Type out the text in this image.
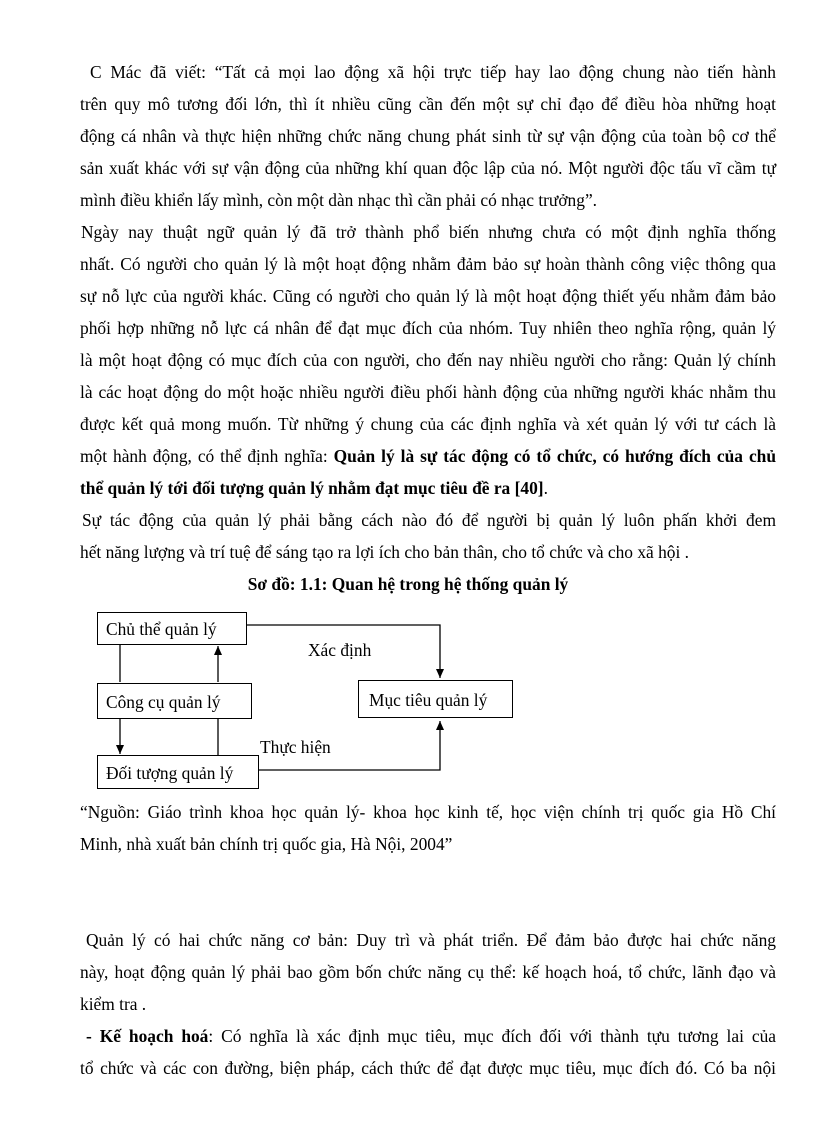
C Mác đã viết: “Tất cả mọi lao động xã hội trực tiếp hay lao động chung nào tiến hành
trên quy mô tương đối lớn, thì ít nhiều cũng cần đến một sự chỉ đạo để điều hòa những hoạt
động cá nhân và thực hiện những chức năng chung phát sinh từ sự vận động của toàn bộ cơ thể
sản xuất khác với sự vận động của những khí quan độc lập của nó. Một người độc tấu vĩ cầm tự
mình điều khiển lấy mình, còn một dàn nhạc thì cần phải có nhạc trưởng”.
Ngày nay thuật ngữ quản lý đã trở thành phổ biến nhưng chưa có một định nghĩa thống
nhất. Có người cho quản lý là một hoạt động nhằm đảm bảo sự hoàn thành công việc thông qua
sự nỗ lực của người khác. Cũng có người cho quản lý là một hoạt động thiết yếu nhằm đảm bảo
phối hợp những nỗ lực cá nhân để đạt mục đích của nhóm. Tuy nhiên theo nghĩa rộng, quản lý
là một hoạt động có mục đích của con người, cho đến nay nhiều người cho rằng: Quản lý chính
là các hoạt động do một hoặc nhiều người điều phối hành động của những người khác nhằm thu
được kết quả mong muốn. Từ những ý chung của các định nghĩa và xét quản lý với tư cách là
một hành động, có thể định nghĩa: Quản lý là sự tác động có tổ chức, có hướng đích của chủ
thể quản lý tới đối tượng quản lý nhằm đạt mục tiêu đề ra [40].
Sự tác động của quản lý phải bằng cách nào đó để người bị quản lý luôn phấn khởi đem
hết năng lượng và trí tuệ để sáng tạo ra lợi ích cho bản thân, cho tổ chức và cho xã hội .
Sơ đồ: 1.1: Quan hệ trong hệ thống quản lý
Chủ thể quản lý
Công cụ quản lý
Đối tượng quản lý
Mục tiêu quản lý
Xác định
Thực hiện
“Nguồn: Giáo trình khoa học quản lý- khoa học kinh tế, học viện chính trị quốc gia Hồ Chí
Minh, nhà xuất bản chính trị quốc gia, Hà Nội, 2004”
Quản lý có hai chức năng cơ bản: Duy trì và phát triển. Để đảm bảo được hai chức năng
này, hoạt động quản lý phải bao gồm bốn chức năng cụ thể: kế hoạch hoá, tổ chức, lãnh đạo và
kiểm tra .
- Kế hoạch hoá: Có nghĩa là xác định mục tiêu, mục đích đối với thành tựu tương lai của
tổ chức và các con đường, biện pháp, cách thức để đạt được mục tiêu, mục đích đó. Có ba nội
